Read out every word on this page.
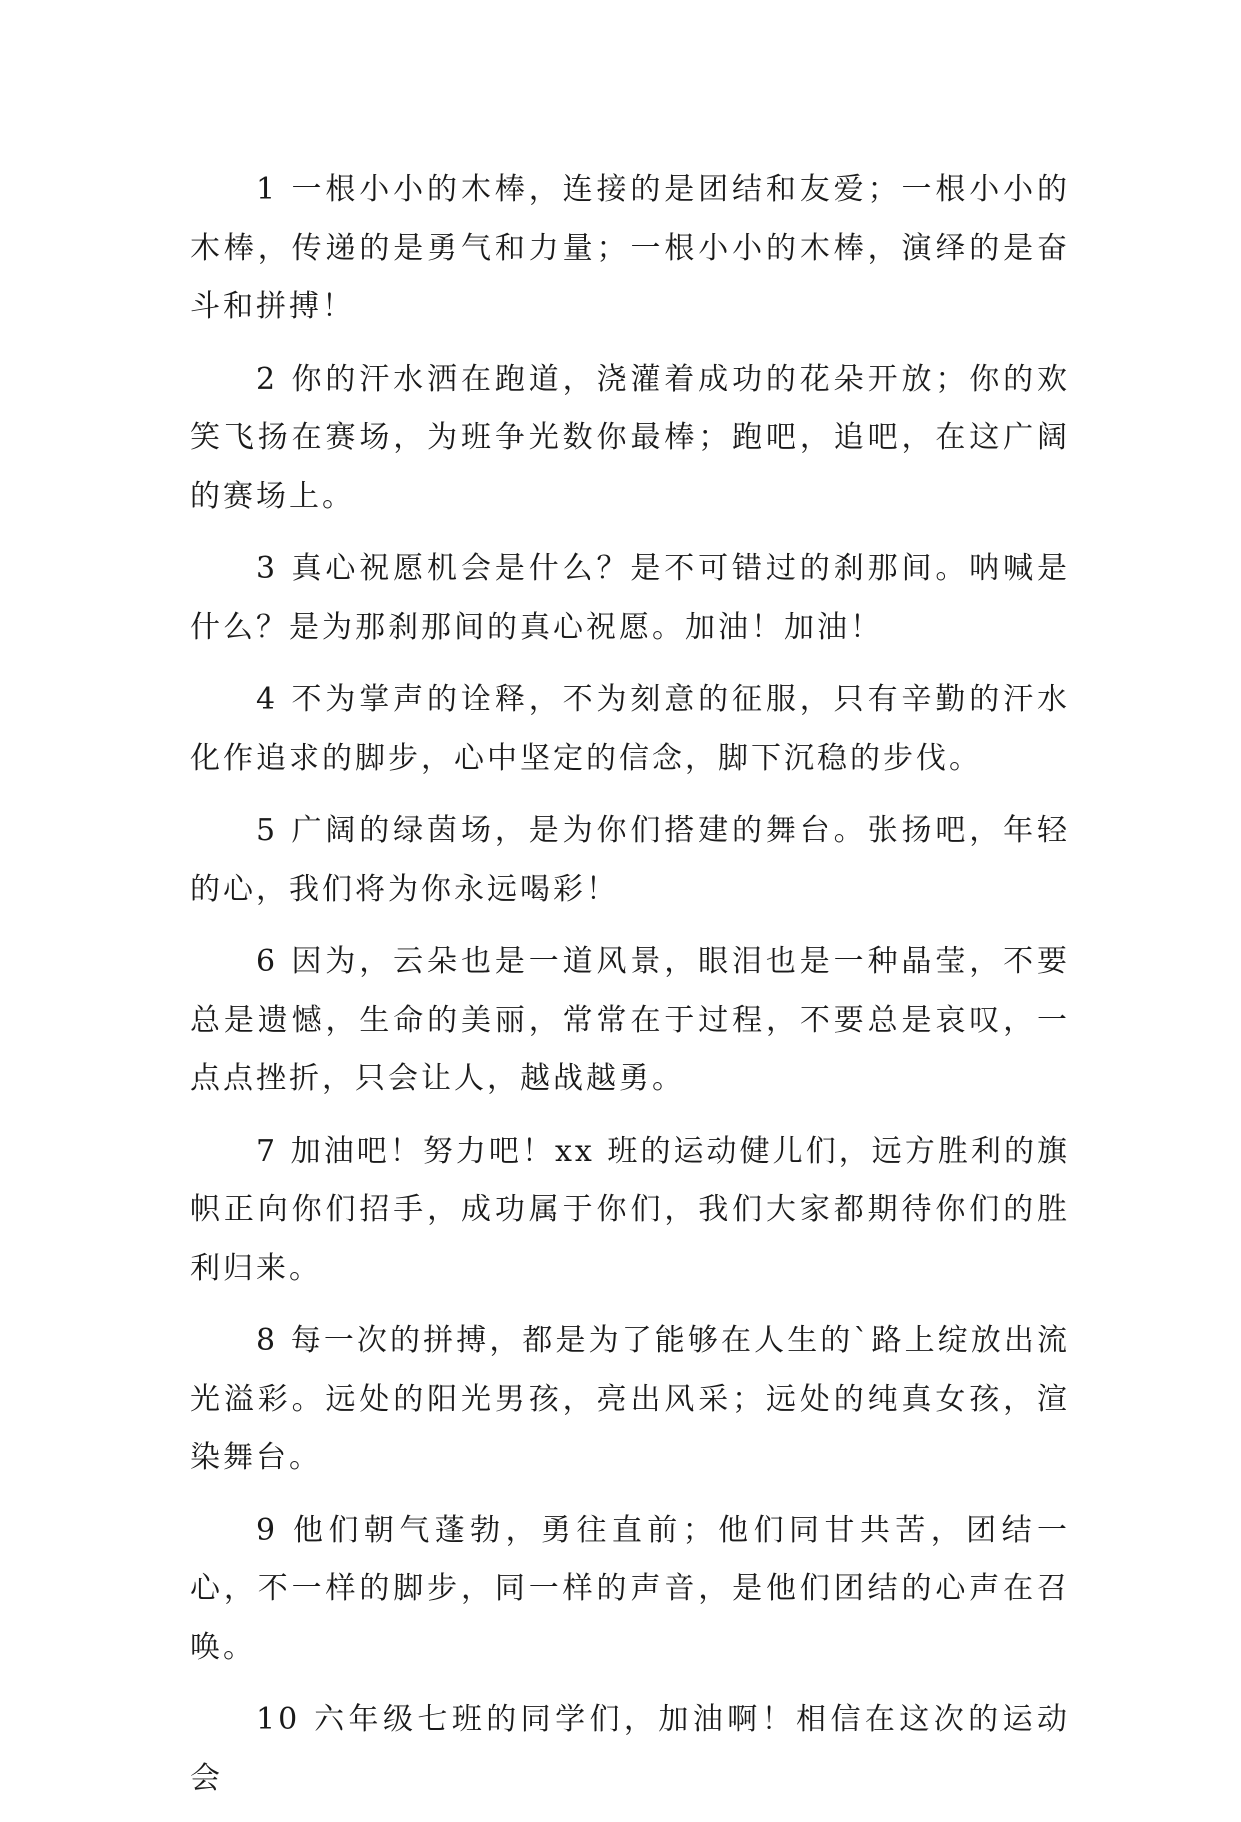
1 一根小小的木棒，连接的是团结和友爱；一根小小的木棒，传递的是勇气和力量；一根小小的木棒，演绎的是奋斗和拼搏！

2 你的汗水洒在跑道，浇灌着成功的花朵开放；你的欢笑飞扬在赛场，为班争光数你最棒；跑吧，追吧，在这广阔的赛场上。

3 真心祝愿机会是什么？是不可错过的刹那间。呐喊是什么？是为那刹那间的真心祝愿。加油！加油！

4 不为掌声的诠释，不为刻意的征服，只有辛勤的汗水化作追求的脚步，心中坚定的信念，脚下沉稳的步伐。

5 广阔的绿茵场，是为你们搭建的舞台。张扬吧，年轻的心，我们将为你永远喝彩！

6 因为，云朵也是一道风景，眼泪也是一种晶莹，不要总是遗憾，生命的美丽，常常在于过程，不要总是哀叹，一点点挫折，只会让人，越战越勇。

7 加油吧！努力吧！xx 班的运动健儿们，远方胜利的旗帜正向你们招手，成功属于你们，我们大家都期待你们的胜利归来。

8 每一次的拼搏，都是为了能够在人生的`路上绽放出流光溢彩。远处的阳光男孩，亮出风采；远处的纯真女孩，渲染舞台。

9 他们朝气蓬勃，勇往直前；他们同甘共苦，团结一心，不一样的脚步，同一样的声音，是他们团结的心声在召唤。

10 六年级七班的同学们，加油啊！相信在这次的运动会
